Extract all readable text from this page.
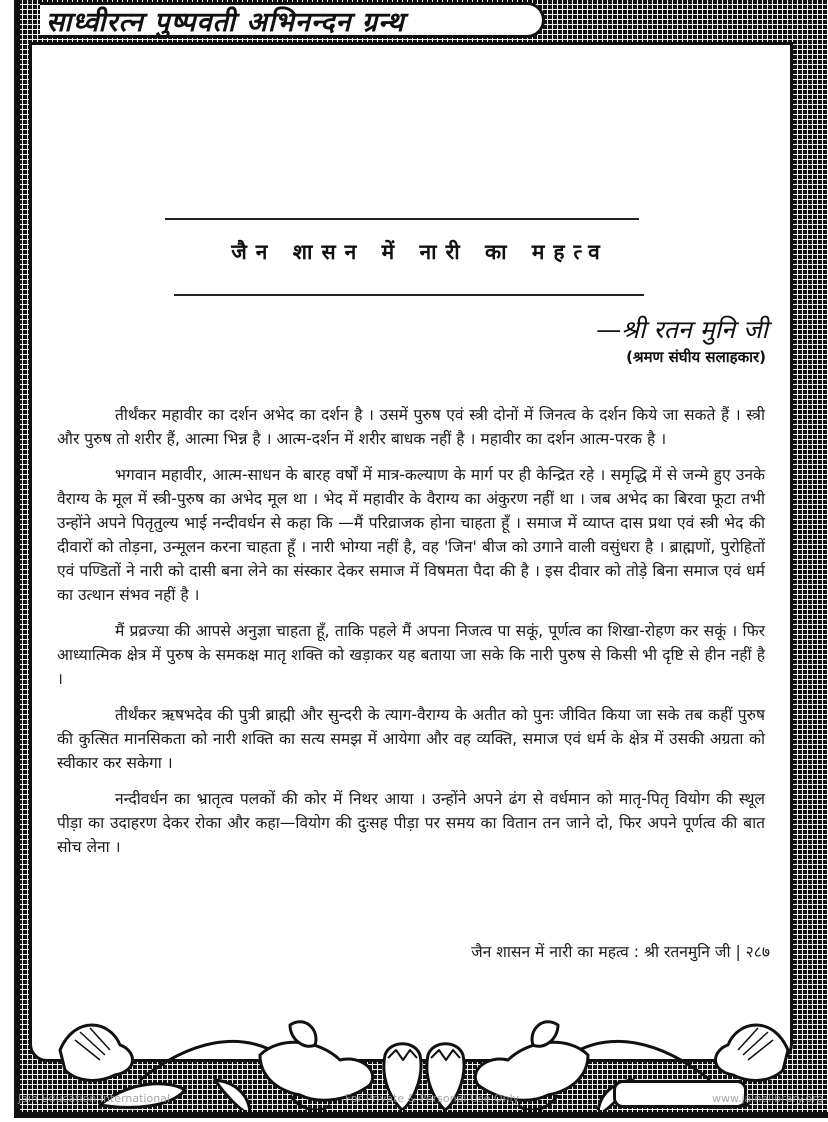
साध्वीरत्न पुष्पवती अभिनन्दन ग्रन्थ
जैन शासन में नारी का महत्व
—श्री रतन मुनि जी
(श्रमण संघीय सलाहकार)

तीर्थंकर महावीर का दर्शन अभेद का दर्शन है । उसमें पुरुष एवं स्त्री दोनों में जिनत्व के दर्शन किये जा सकते हैं । स्त्री और पुरुष तो शरीर हैं, आत्मा भिन्न है । आत्म-दर्शन में शरीर बाधक नहीं है । महावीर का दर्शन आत्म-परक है ।

भगवान महावीर, आत्म-साधन के बारह वर्षों में मात्र-कल्याण के मार्ग पर ही केन्द्रित रहे । समृद्धि में से जन्मे हुए उनके वैराग्य के मूल में स्त्री-पुरुष का अभेद मूल था । भेद में महावीर के वैराग्य का अंकुरण नहीं था । जब अभेद का बिरवा फूटा तभी उन्होंने अपने पितृतुल्य भाई नन्दीवर्धन से कहा कि —मैं परिव्राजक होना चाहता हूँ । समाज में व्याप्त दास प्रथा एवं स्त्री भेद की दीवारों को तोड़ना, उन्मूलन करना चाहता हूँ । नारी भोग्या नहीं है, वह 'जिन' बीज को उगाने वाली वसुंधरा है । ब्राह्मणों, पुरोहितों एवं पण्डितों ने नारी को दासी बना लेने का संस्कार देकर समाज में विषमता पैदा की है । इस दीवार को तोड़े बिना समाज एवं धर्म का उत्थान संभव नहीं है ।

मैं प्रव्रज्या की आपसे अनुज्ञा चाहता हूँ, ताकि पहले मैं अपना निजत्व पा सकूं, पूर्णत्व का शिखा-रोहण कर सकूं । फिर आध्यात्मिक क्षेत्र में पुरुष के समकक्ष मातृ शक्ति को खड़ाकर यह बताया जा सके कि नारी पुरुष से किसी भी दृष्टि से हीन नहीं है ।

तीर्थंकर ऋषभदेव की पुत्री ब्राह्मी और सुन्दरी के त्याग-वैराग्य के अतीत को पुनः जीवित किया जा सके तब कहीं पुरुष की कुत्सित मानसिकता को नारी शक्ति का सत्य समझ में आयेगा और वह व्यक्ति, समाज एवं धर्म के क्षेत्र में उसकी अग्रता को स्वीकार कर सकेगा ।

नन्दीवर्धन का भ्रातृत्व पलकों की कोर में निथर आया । उन्होंने अपने ढंग से वर्धमान को मातृ-पितृ वियोग की स्थूल पीड़ा का उदाहरण देकर रोका और कहा—वियोग की दुःसह पीड़ा पर समय का वितान तन जाने दो, फिर अपने पूर्णत्व की बात सोच लेना ।

जैन शासन में नारी का महत्व : श्री रतनमुनि जी | २८७
Jain Education International	For Private & Personal Use Only	www.jainelibrary.org
